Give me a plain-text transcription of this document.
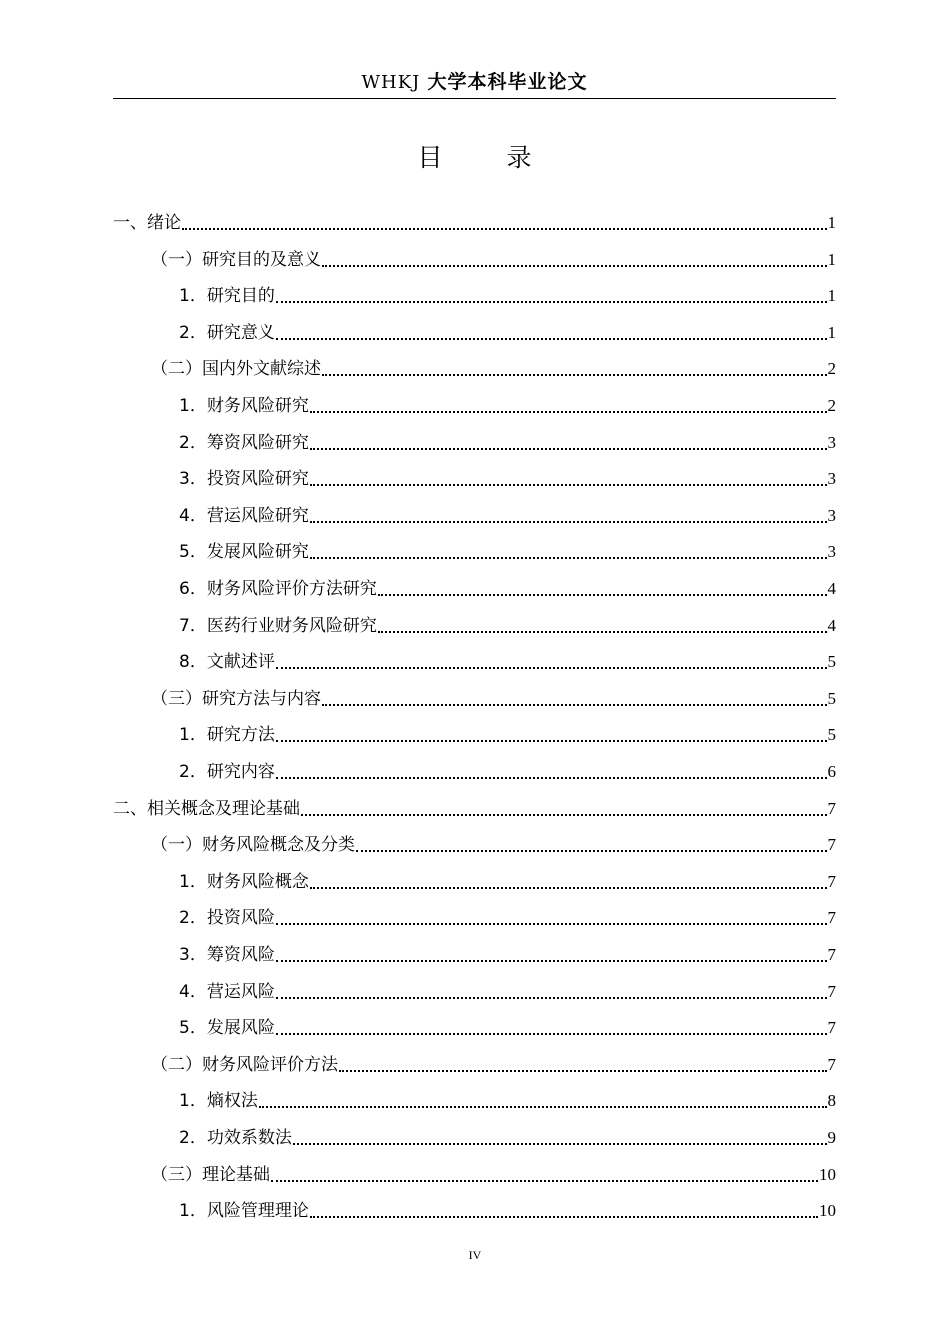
WHKJ 大学本科毕业论文
目 录
一、绪论	1
（一）研究目的及意义	1
1．研究目的	1
2．研究意义	1
（二）国内外文献综述	2
1．财务风险研究	2
2．筹资风险研究	3
3．投资风险研究	3
4．营运风险研究	3
5．发展风险研究	3
6．财务风险评价方法研究	4
7．医药行业财务风险研究	4
8．文献述评	5
（三）研究方法与内容	5
1．研究方法	5
2．研究内容	6
二、相关概念及理论基础	7
（一）财务风险概念及分类	7
1．财务风险概念	7
2．投资风险	7
3．筹资风险	7
4．营运风险	7
5．发展风险	7
（二）财务风险评价方法	7
1．熵权法	8
2．功效系数法	9
（三）理论基础	10
1．风险管理理论	10
IV
